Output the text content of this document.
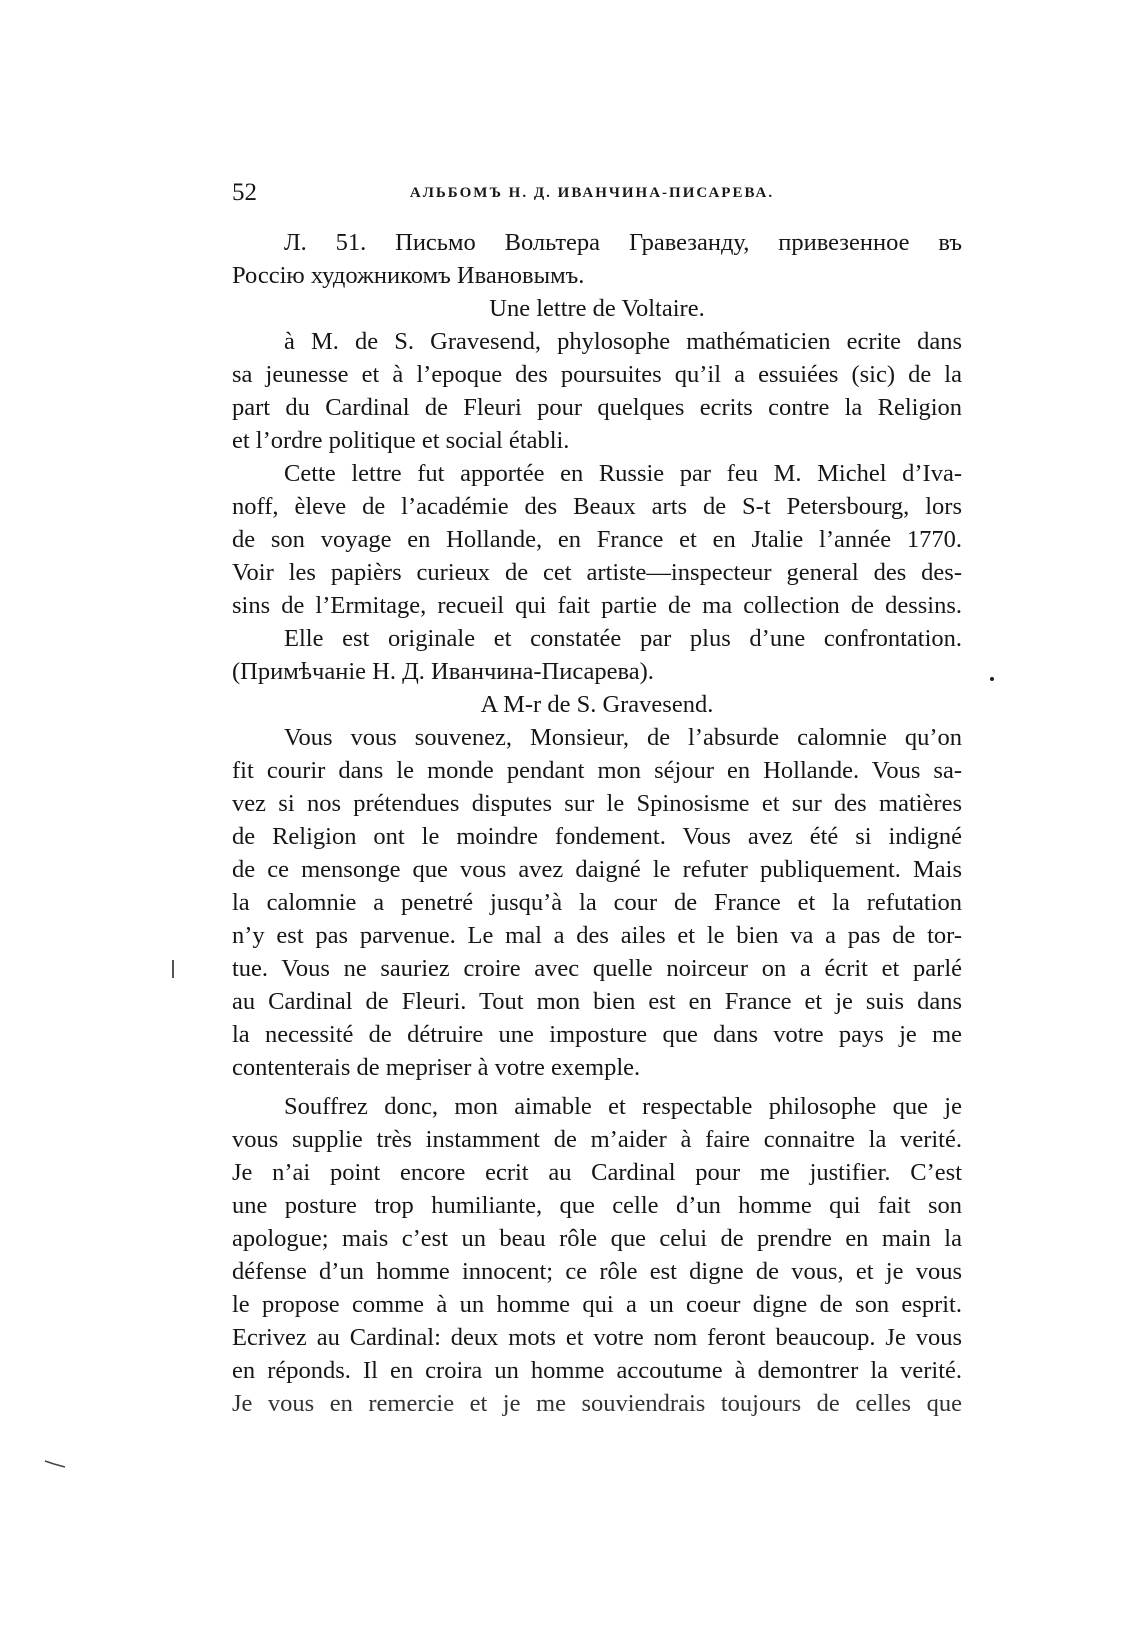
52	АЛЬБОМЪ Н. Д. ИВАНЧИНА-ПИСАРЕВА.
Л. 51. Письмо Вольтера Гравезанду, привезенное въ
Россію художникомъ Ивановымъ.
Une lettre de Voltaire.
à M. de S. Gravesend, phylosophe mathématicien ecrite dans
sa jeunesse et à l’epoque des poursuites qu’il a essuiées (sic) de la
part du Cardinal de Fleuri pour quelques ecrits contre la Religion
et l’ordre politique et social établi.
Cette lettre fut apportée en Russie par feu M. Michel d’Iva-
noff, èleve de l’académie des Beaux arts de S-t Petersbourg, lors
de son voyage en Hollande, en France et en Jtalie l’année 1770.
Voir les papièrs curieux de cet artiste—inspecteur general des des-
sins de l’Ermitage, recueil qui fait partie de ma collection de dessins.
Elle est originale et constatée par plus d’une confrontation.
(Примѣчаніе Н. Д. Иванчина-Писарева).
A M-r de S. Gravesend.
Vous vous souvenez, Monsieur, de l’absurde calomnie qu’on
fit courir dans le monde pendant mon séjour en Hollande. Vous sa-
vez si nos prétendues disputes sur le Spinosisme et sur des matières
de Religion ont le moindre fondement. Vous avez été si indigné
de ce mensonge que vous avez daigné le refuter publiquement. Mais
la calomnie a penetré jusqu’à la cour de France et la refutation
n’y est pas parvenue. Le mal a des ailes et le bien va a pas de tor-
tue. Vous ne sauriez croire avec quelle noirceur on a écrit et parlé
au Cardinal de Fleuri. Tout mon bien est en France et je suis dans
la necessité de détruire une imposture que dans votre pays je me
contenterais de mepriser à votre exemple.
Souffrez donc, mon aimable et respectable philosophe que je
vous supplie très instamment de m’aider à faire connaitre la verité.
Je n’ai point encore ecrit au Cardinal pour me justifier. C’est
une posture trop humiliante, que celle d’un homme qui fait son
apologue; mais c’est un beau rôle que celui de prendre en main la
défense d’un homme innocent; ce rôle est digne de vous, et je vous
le propose comme à un homme qui a un coeur digne de son esprit.
Ecrivez au Cardinal: deux mots et votre nom feront beaucoup. Je vous
en réponds. Il en croira un homme accoutume à demontrer la verité.
Je vous en remercie et je me souviendrais toujours de celles que
